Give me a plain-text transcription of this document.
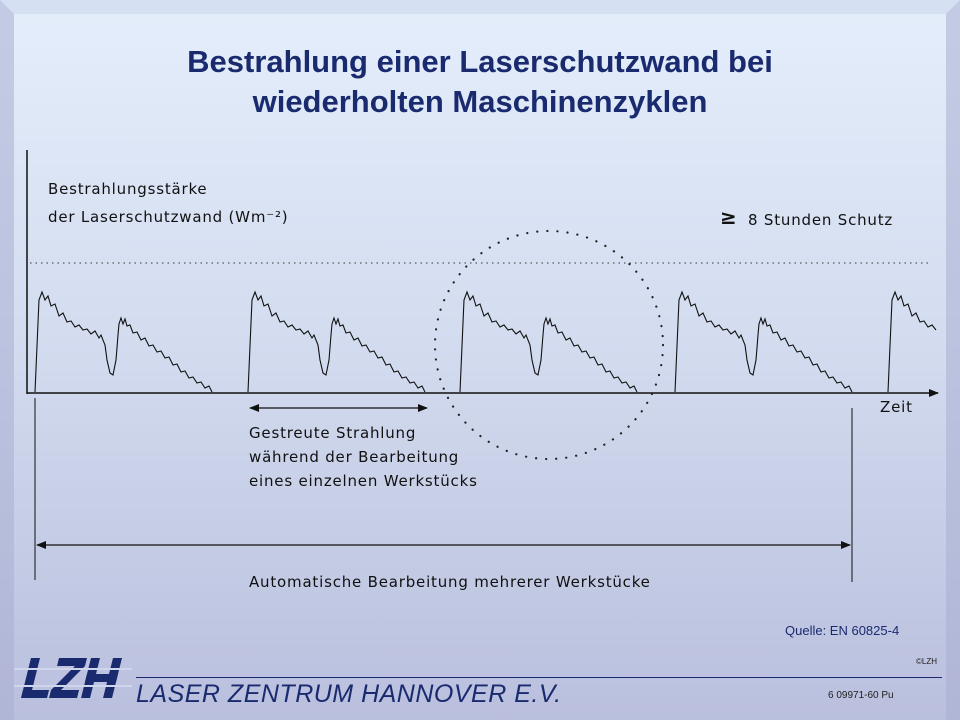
Bestrahlung einer Laserschutzwand bei
wiederholten Maschinenzyklen
Bestrahlungsstärke
der Laserschutzwand (Wm⁻²)	≥ 8 Stunden Schutz
Zeit
Gestreute Strahlung
während der Bearbeitung
eines einzelnen Werkstücks
Automatische Bearbeitung mehrerer Werkstücke
Quelle: EN 60825-4
©LZH
LASER ZENTRUM HANNOVER E.V.	6 09971-60 Pu
